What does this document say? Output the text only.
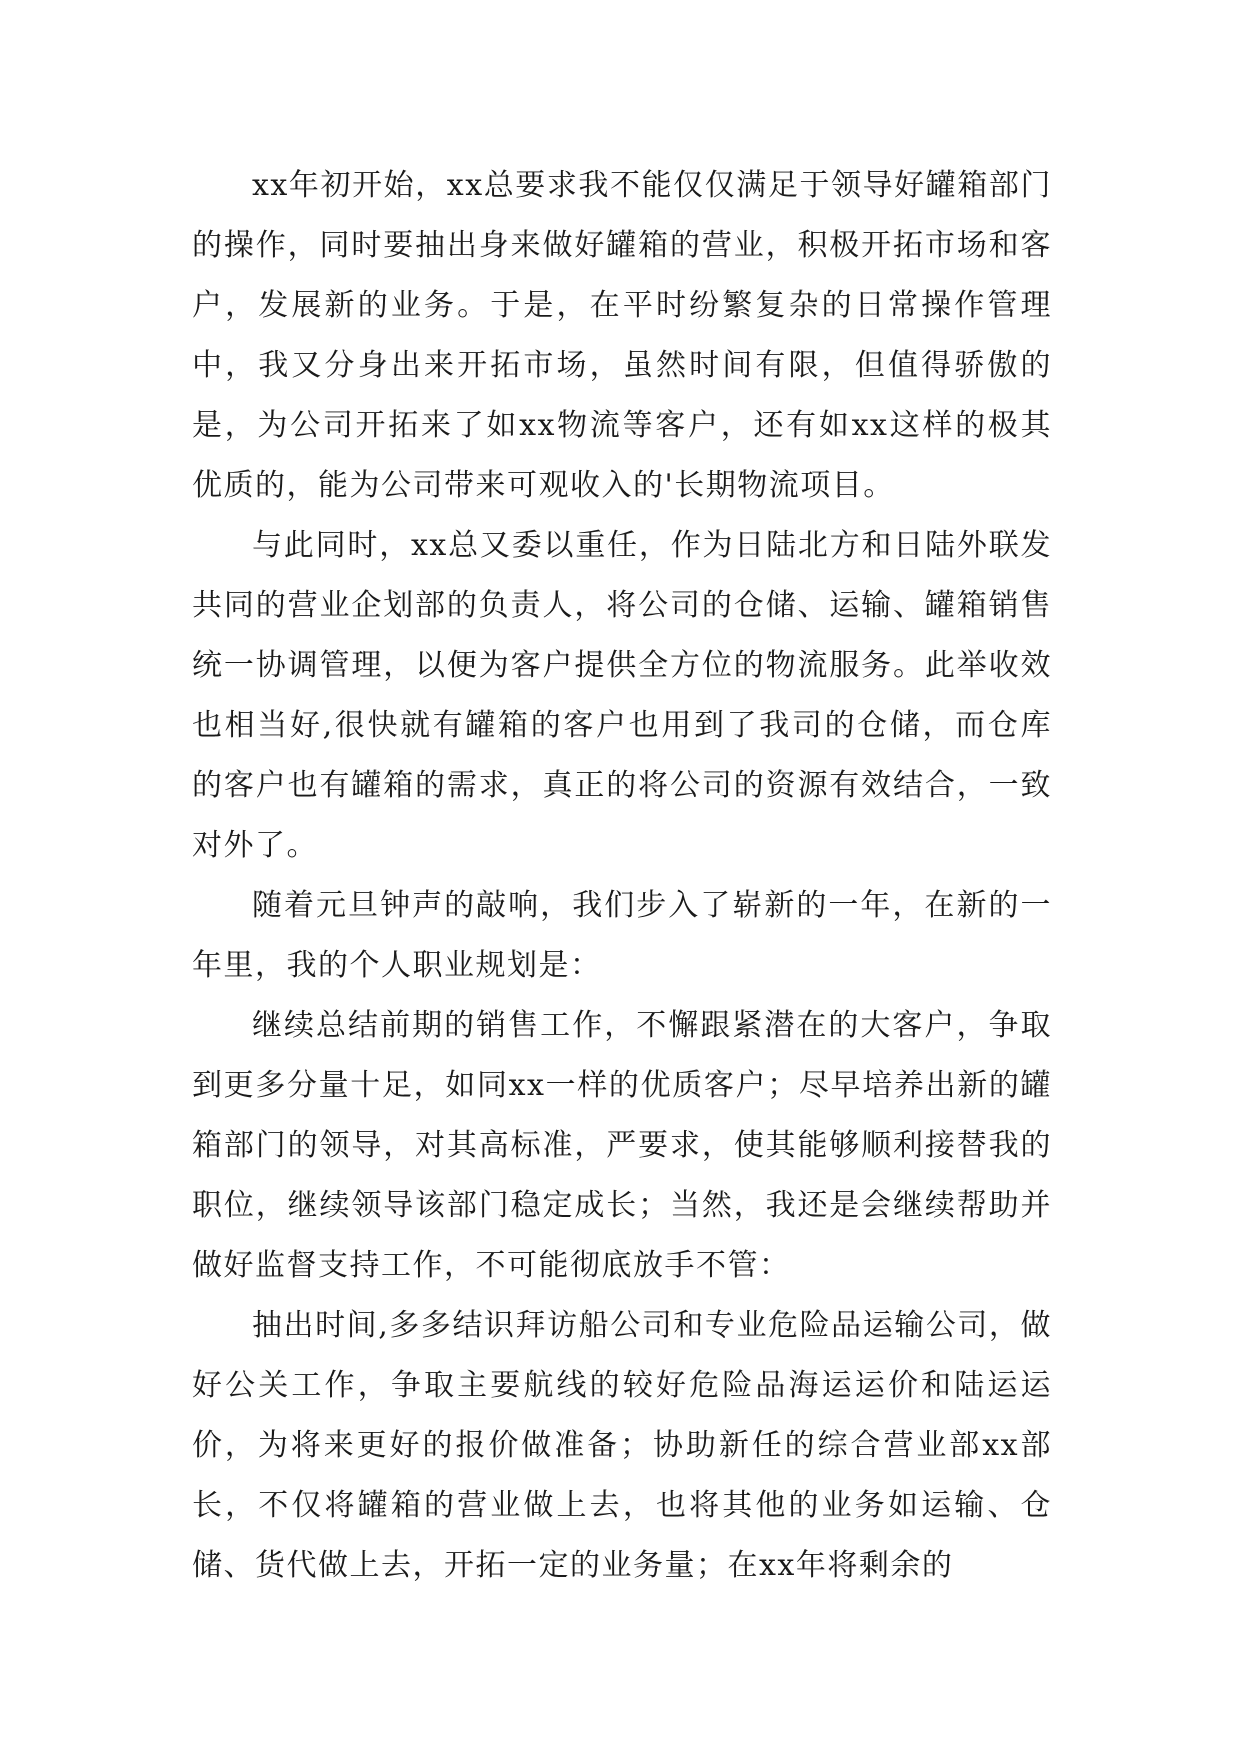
xx年初开始，xx总要求我不能仅仅满足于领导好罐箱部门的操作，同时要抽出身来做好罐箱的营业，积极开拓市场和客户，发展新的业务。于是，在平时纷繁复杂的日常操作管理中，我又分身出来开拓市场，虽然时间有限，但值得骄傲的是，为公司开拓来了如xx物流等客户，还有如xx这样的极其优质的，能为公司带来可观收入的'长期物流项目。

与此同时，xx总又委以重任，作为日陆北方和日陆外联发共同的营业企划部的负责人，将公司的仓储、运输、罐箱销售统一协调管理，以便为客户提供全方位的物流服务。此举收效也相当好,很快就有罐箱的客户也用到了我司的仓储，而仓库的客户也有罐箱的需求，真正的将公司的资源有效结合，一致对外了。

随着元旦钟声的敲响，我们步入了崭新的一年，在新的一年里，我的个人职业规划是：

继续总结前期的销售工作，不懈跟紧潜在的大客户，争取到更多分量十足，如同xx一样的优质客户；尽早培养出新的罐箱部门的领导，对其高标准，严要求，使其能够顺利接替我的职位，继续领导该部门稳定成长；当然，我还是会继续帮助并做好监督支持工作，不可能彻底放手不管：

抽出时间,多多结识拜访船公司和专业危险品运输公司，做好公关工作，争取主要航线的较好危险品海运运价和陆运运价，为将来更好的报价做准备；协助新任的综合营业部xx部长，不仅将罐箱的营业做上去，也将其他的业务如运输、仓储、货代做上去，开拓一定的业务量；在xx年将剩余的
